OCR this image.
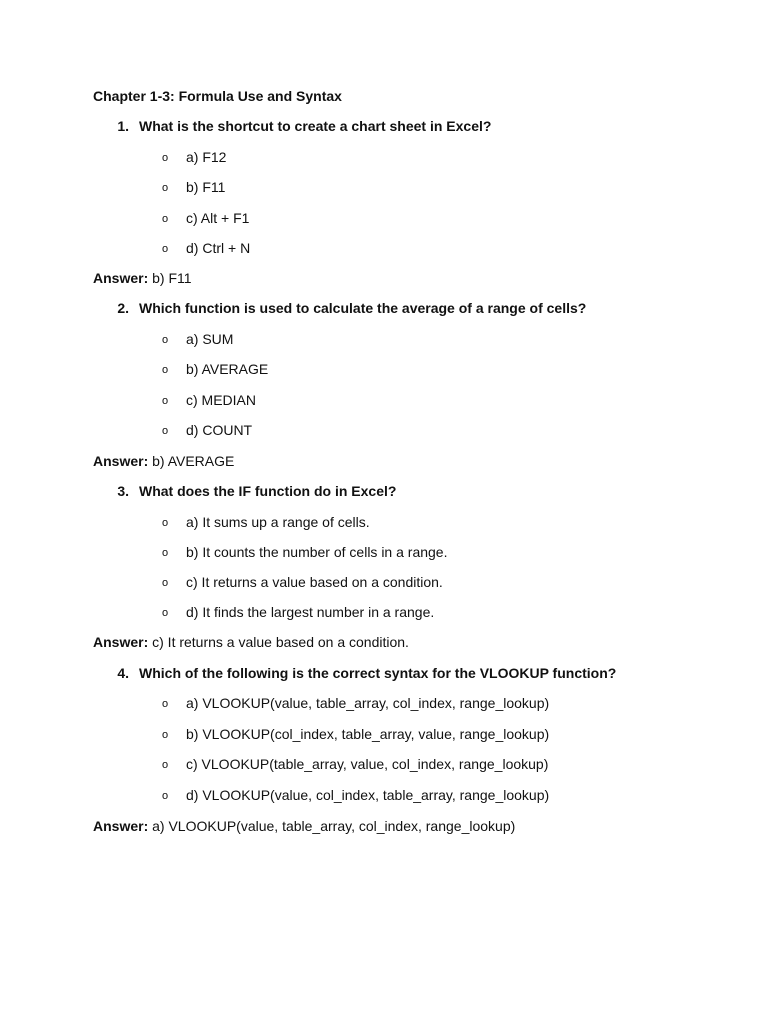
Chapter 1-3: Formula Use and Syntax
1. What is the shortcut to create a chart sheet in Excel?
o a) F12
o b) F11
o c) Alt + F1
o d) Ctrl + N
Answer: b) F11
2. Which function is used to calculate the average of a range of cells?
o a) SUM
o b) AVERAGE
o c) MEDIAN
o d) COUNT
Answer: b) AVERAGE
3. What does the IF function do in Excel?
o a) It sums up a range of cells.
o b) It counts the number of cells in a range.
o c) It returns a value based on a condition.
o d) It finds the largest number in a range.
Answer: c) It returns a value based on a condition.
4. Which of the following is the correct syntax for the VLOOKUP function?
o a) VLOOKUP(value, table_array, col_index, range_lookup)
o b) VLOOKUP(col_index, table_array, value, range_lookup)
o c) VLOOKUP(table_array, value, col_index, range_lookup)
o d) VLOOKUP(value, col_index, table_array, range_lookup)
Answer: a) VLOOKUP(value, table_array, col_index, range_lookup)
